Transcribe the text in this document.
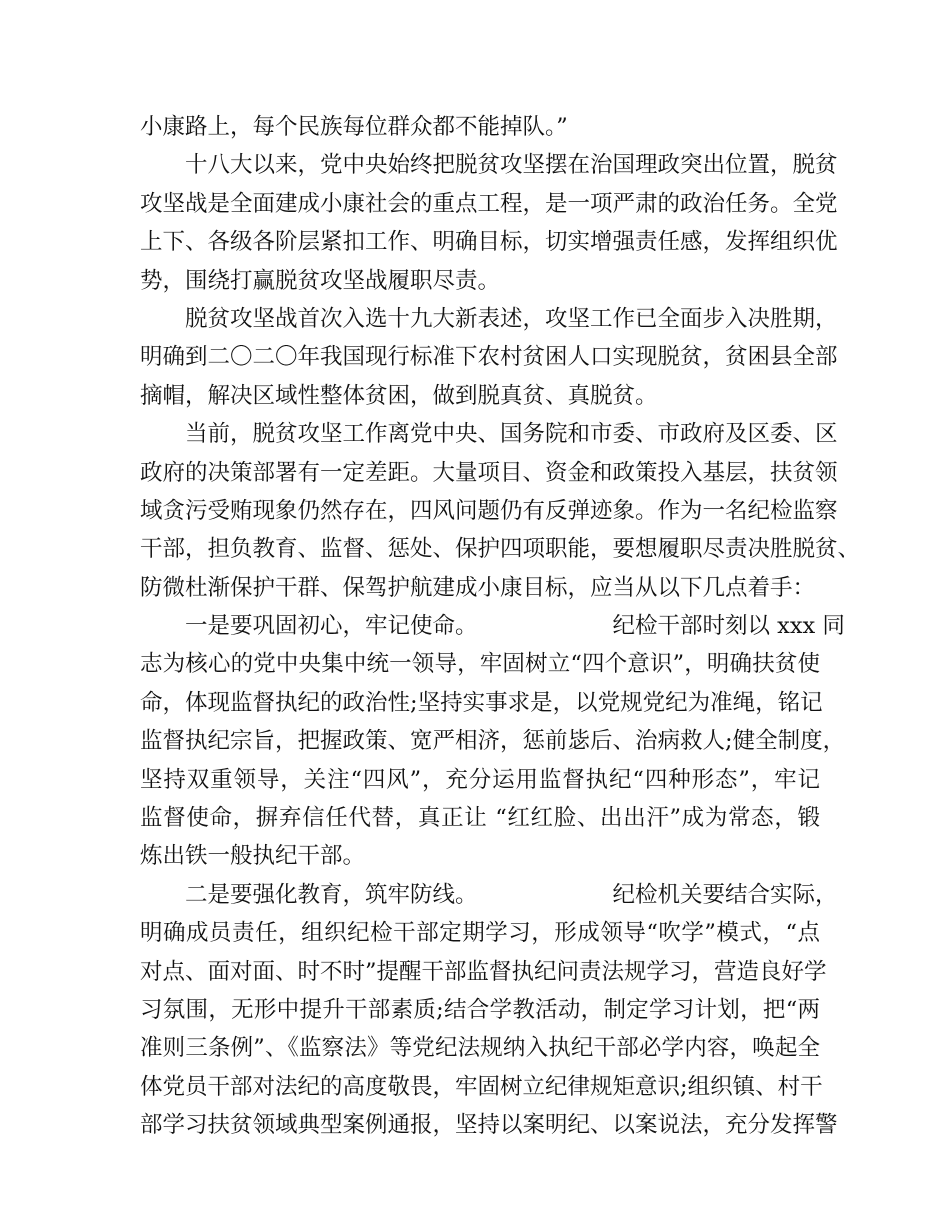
小康路上，每个民族每位群众都不能掉队。”
十八大以来，党中央始终把脱贫攻坚摆在治国理政突出位置，脱贫
攻坚战是全面建成小康社会的重点工程，是一项严肃的政治任务。全党
上下、各级各阶层紧扣工作、明确目标，切实增强责任感，发挥组织优
势，围绕打赢脱贫攻坚战履职尽责。
脱贫攻坚战首次入选十九大新表述，攻坚工作已全面步入决胜期，
明确到二〇二〇年我国现行标准下农村贫困人口实现脱贫，贫困县全部
摘帽，解决区域性整体贫困，做到脱真贫、真脱贫。
当前，脱贫攻坚工作离党中央、国务院和市委、市政府及区委、区
政府的决策部署有一定差距。大量项目、资金和政策投入基层，扶贫领
域贪污受贿现象仍然存在，四风问题仍有反弹迹象。作为一名纪检监察
干部，担负教育、监督、惩处、保护四项职能，要想履职尽责决胜脱贫、
防微杜渐保护干群、保驾护航建成小康目标，应当从以下几点着手：
一是要巩固初心，牢记使命。	纪检干部时刻以 xxx 同
志为核心的党中央集中统一领导，牢固树立“四个意识”，明确扶贫使
命，体现监督执纪的政治性;坚持实事求是，以党规党纪为准绳，铭记
监督执纪宗旨，把握政策、宽严相济，惩前毖后、治病救人;健全制度，
坚持双重领导，关注“四风”，充分运用监督执纪“四种形态”，牢记
监督使命，摒弃信任代替，真正让 “红红脸、出出汗”成为常态，锻
炼出铁一般执纪干部。
二是要强化教育，筑牢防线。	纪检机关要结合实际，
明确成员责任，组织纪检干部定期学习，形成领导“吹学”模式，“点
对点、面对面、时不时”提醒干部监督执纪问责法规学习，营造良好学
习氛围，无形中提升干部素质;结合学教活动，制定学习计划，把“两
准则三条例”、《监察法》等党纪法规纳入执纪干部必学内容，唤起全
体党员干部对法纪的高度敬畏，牢固树立纪律规矩意识;组织镇、村干
部学习扶贫领域典型案例通报，坚持以案明纪、以案说法，充分发挥警
